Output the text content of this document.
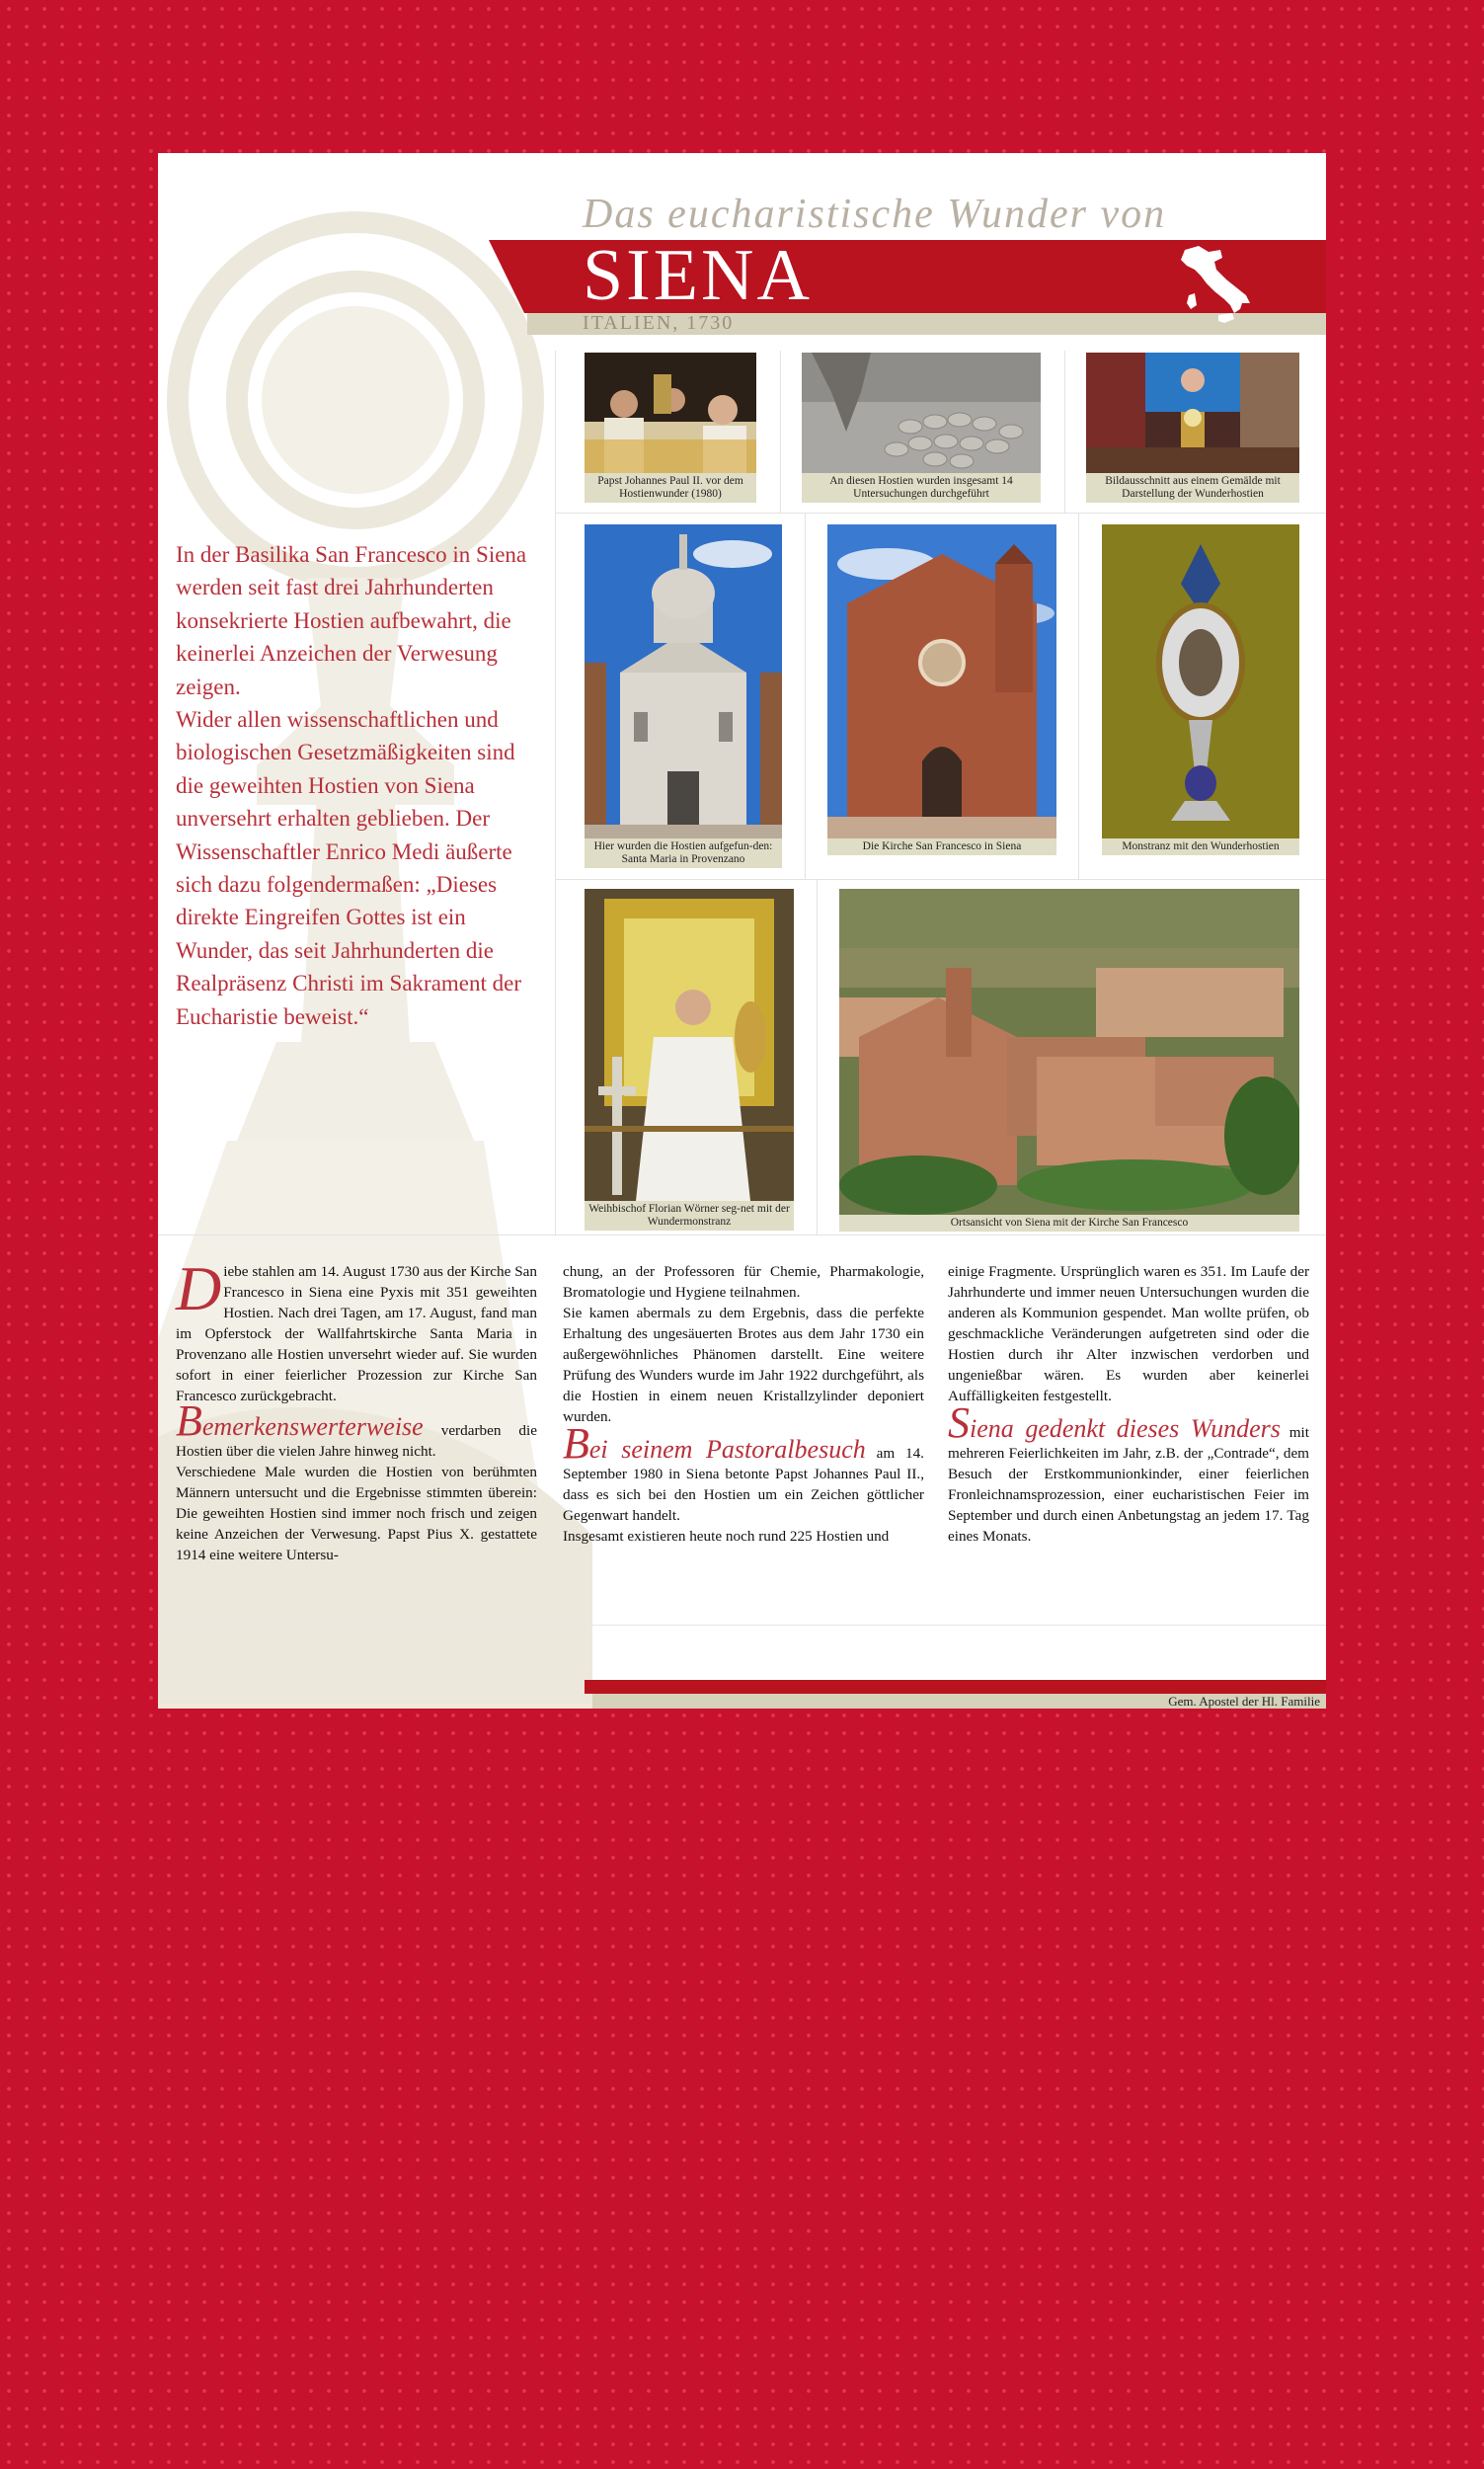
Das eucharistische Wunder von
SIENA
ITALIEN, 1730

In der Basilika San Francesco in Siena werden seit fast drei Jahrhunderten konsekrierte Hostien aufbewahrt, die keinerlei Anzeichen der Verwesung zeigen.

Wider allen wissenschaftlichen und biologischen Gesetzmäßigkeiten sind die geweihten Hostien von Siena unversehrt erhalten geblieben. Der Wissenschaftler Enrico Medi äußerte sich dazu folgendermaßen: „Dieses direkte Eingreifen Gottes ist ein Wunder, das seit Jahrhunderten die Realpräsenz Christi im Sakrament der Eucharistie beweist.“

Papst Johannes Paul II. vor dem Hostienwunder (1980)
An diesen Hostien wurden insgesamt 14 Untersuchungen durchgeführt
Bildausschnitt aus einem Gemälde mit Darstellung der Wunderhostien
Hier wurden die Hostien aufgefun-den: Santa Maria in Provenzano
Die Kirche San Francesco in Siena	Monstranz mit den Wunderhostien
Weihbischof Florian Wörner seg-net mit der Wundermonstranz	Ortsansicht von Siena mit der Kirche San Francesco

Diebe stahlen am 14. August 1730 aus der Kirche San Francesco in Siena eine Pyxis mit 351 geweihten Hostien. Nach drei Tagen, am 17. August, fand man im Opferstock der Wallfahrtskirche Santa Maria in Provenzano alle Hostien unversehrt wieder auf. Sie wurden sofort in einer feierlicher Prozession zur Kirche San Francesco zurückgebracht.

Bemerkenswerterweise verdarben die Hostien über die vielen Jahre hinweg nicht.

Verschiedene Male wurden die Hostien von berühmten Männern untersucht und die Ergebnisse stimmten überein: Die geweihten Hostien sind immer noch frisch und zeigen keine Anzeichen der Verwesung. Papst Pius X. gestattete 1914 eine weitere Untersu-

chung, an der Professoren für Chemie, Pharmakologie, Bromatologie und Hygiene teilnahmen.

Sie kamen abermals zu dem Ergebnis, dass die perfekte Erhaltung des ungesäuerten Brotes aus dem Jahr 1730 ein außergewöhnliches Phänomen darstellt. Eine weitere Prüfung des Wunders wurde im Jahr 1922 durchgeführt, als die Hostien in einem neuen Kristallzylinder deponiert wurden.

Bei seinem Pastoralbesuch am 14. September 1980 in Siena betonte Papst Johannes Paul II., dass es sich bei den Hostien um ein Zeichen göttlicher Gegenwart handelt.

Insgesamt existieren heute noch rund 225 Hostien und

einige Fragmente. Ursprünglich waren es 351. Im Laufe der Jahrhunderte und immer neuen Untersuchungen wurden die anderen als Kommunion gespendet. Man wollte prüfen, ob geschmackliche Veränderungen aufgetreten sind oder die Hostien durch ihr Alter inzwischen verdorben und ungenießbar wären. Es wurden aber keinerlei Auffälligkeiten festgestellt.

Siena gedenkt dieses Wunders mit mehreren Feierlichkeiten im Jahr, z.B. der „Contrade“, dem Besuch der Erstkommunionkinder, einer feierlichen Fronleichnamsprozession, einer eucharistischen Feier im September und durch einen Anbetungstag an jedem 17. Tag eines Monats.

Gem. Apostel der Hl. Familie
